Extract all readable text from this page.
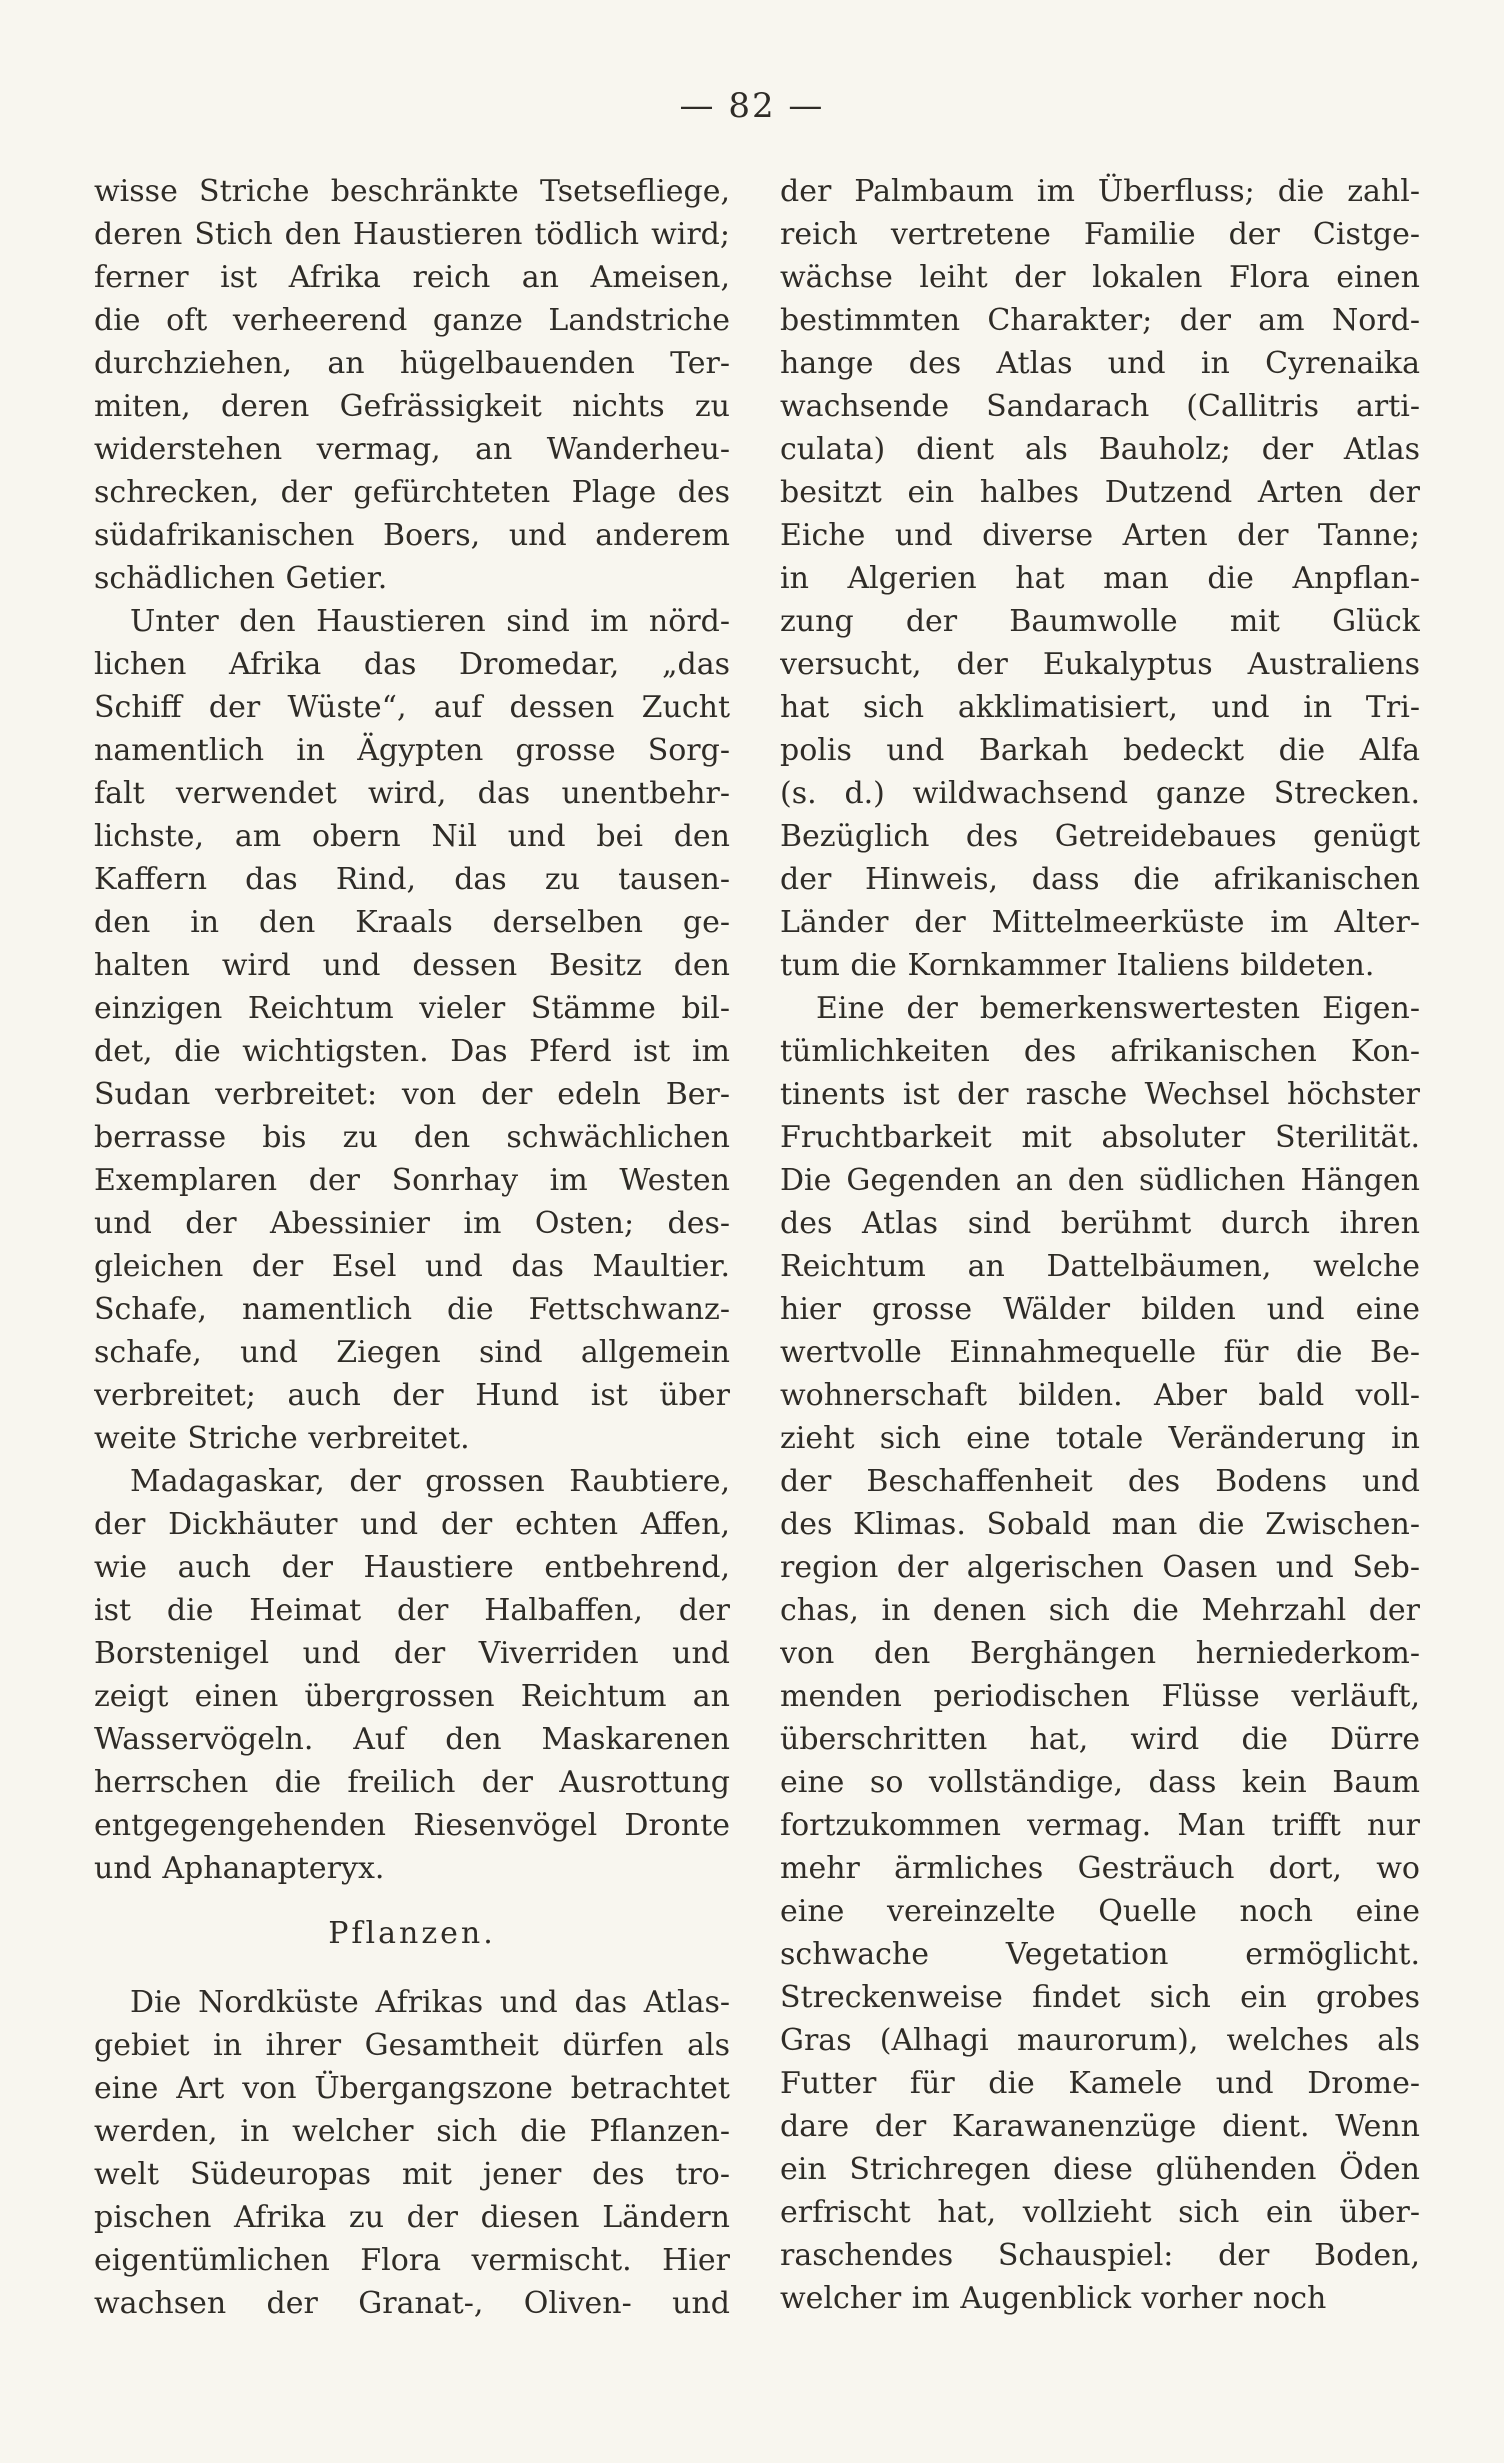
— 82 —
wisse Striche beschränkte Tsetsefliege,
deren Stich den Haustieren tödlich wird;
ferner ist Afrika reich an Ameisen,
die oft verheerend ganze Landstriche
durchziehen, an hügelbauenden Ter-
miten, deren Gefrässigkeit nichts zu
widerstehen vermag, an Wanderheu-
schrecken, der gefürchteten Plage des
südafrikanischen Boers, und anderem
schädlichen Getier.
Unter den Haustieren sind im nörd-
lichen Afrika das Dromedar, „das
Schiff der Wüste“, auf dessen Zucht
namentlich in Ägypten grosse Sorg-
falt verwendet wird, das unentbehr-
lichste, am obern Nil und bei den
Kaffern das Rind, das zu tausen-
den in den Kraals derselben ge-
halten wird und dessen Besitz den
einzigen Reichtum vieler Stämme bil-
det, die wichtigsten. Das Pferd ist im
Sudan verbreitet: von der edeln Ber-
berrasse bis zu den schwächlichen
Exemplaren der Sonrhay im Westen
und der Abessinier im Osten; des-
gleichen der Esel und das Maultier.
Schafe, namentlich die Fettschwanz-
schafe, und Ziegen sind allgemein
verbreitet; auch der Hund ist über
weite Striche verbreitet.
Madagaskar, der grossen Raubtiere,
der Dickhäuter und der echten Affen,
wie auch der Haustiere entbehrend,
ist die Heimat der Halbaffen, der
Borstenigel und der Viverriden und
zeigt einen übergrossen Reichtum an
Wasservögeln. Auf den Maskarenen
herrschen die freilich der Ausrottung
entgegengehenden Riesenvögel Dronte
und Aphanapteryx.
Pflanzen.
Die Nordküste Afrikas und das Atlas-
gebiet in ihrer Gesamtheit dürfen als
eine Art von Übergangszone betrachtet
werden, in welcher sich die Pflanzen-
welt Südeuropas mit jener des tro-
pischen Afrika zu der diesen Ländern
eigentümlichen Flora vermischt. Hier
wachsen der Granat-, Oliven- und
der Palmbaum im Überfluss; die zahl-
reich vertretene Familie der Cistge-
wächse leiht der lokalen Flora einen
bestimmten Charakter; der am Nord-
hange des Atlas und in Cyrenaika
wachsende Sandarach (Callitris arti-
culata) dient als Bauholz; der Atlas
besitzt ein halbes Dutzend Arten der
Eiche und diverse Arten der Tanne;
in Algerien hat man die Anpflan-
zung der Baumwolle mit Glück
versucht, der Eukalyptus Australiens
hat sich akklimatisiert, und in Tri-
polis und Barkah bedeckt die Alfa
(s. d.) wildwachsend ganze Strecken.
Bezüglich des Getreidebaues genügt
der Hinweis, dass die afrikanischen
Länder der Mittelmeerküste im Alter-
tum die Kornkammer Italiens bildeten.
Eine der bemerkenswertesten Eigen-
tümlichkeiten des afrikanischen Kon-
tinents ist der rasche Wechsel höchster
Fruchtbarkeit mit absoluter Sterilität.
Die Gegenden an den südlichen Hängen
des Atlas sind berühmt durch ihren
Reichtum an Dattelbäumen, welche
hier grosse Wälder bilden und eine
wertvolle Einnahmequelle für die Be-
wohnerschaft bilden. Aber bald voll-
zieht sich eine totale Veränderung in
der Beschaffenheit des Bodens und
des Klimas. Sobald man die Zwischen-
region der algerischen Oasen und Seb-
chas, in denen sich die Mehrzahl der
von den Berghängen herniederkom-
menden periodischen Flüsse verläuft,
überschritten hat, wird die Dürre
eine so vollständige, dass kein Baum
fortzukommen vermag. Man trifft nur
mehr ärmliches Gesträuch dort, wo
eine vereinzelte Quelle noch eine
schwache Vegetation ermöglicht.
Streckenweise findet sich ein grobes
Gras (Alhagi maurorum), welches als
Futter für die Kamele und Drome-
dare der Karawanenzüge dient. Wenn
ein Strichregen diese glühenden Öden
erfrischt hat, vollzieht sich ein über-
raschendes Schauspiel: der Boden,
welcher im Augenblick vorher noch
